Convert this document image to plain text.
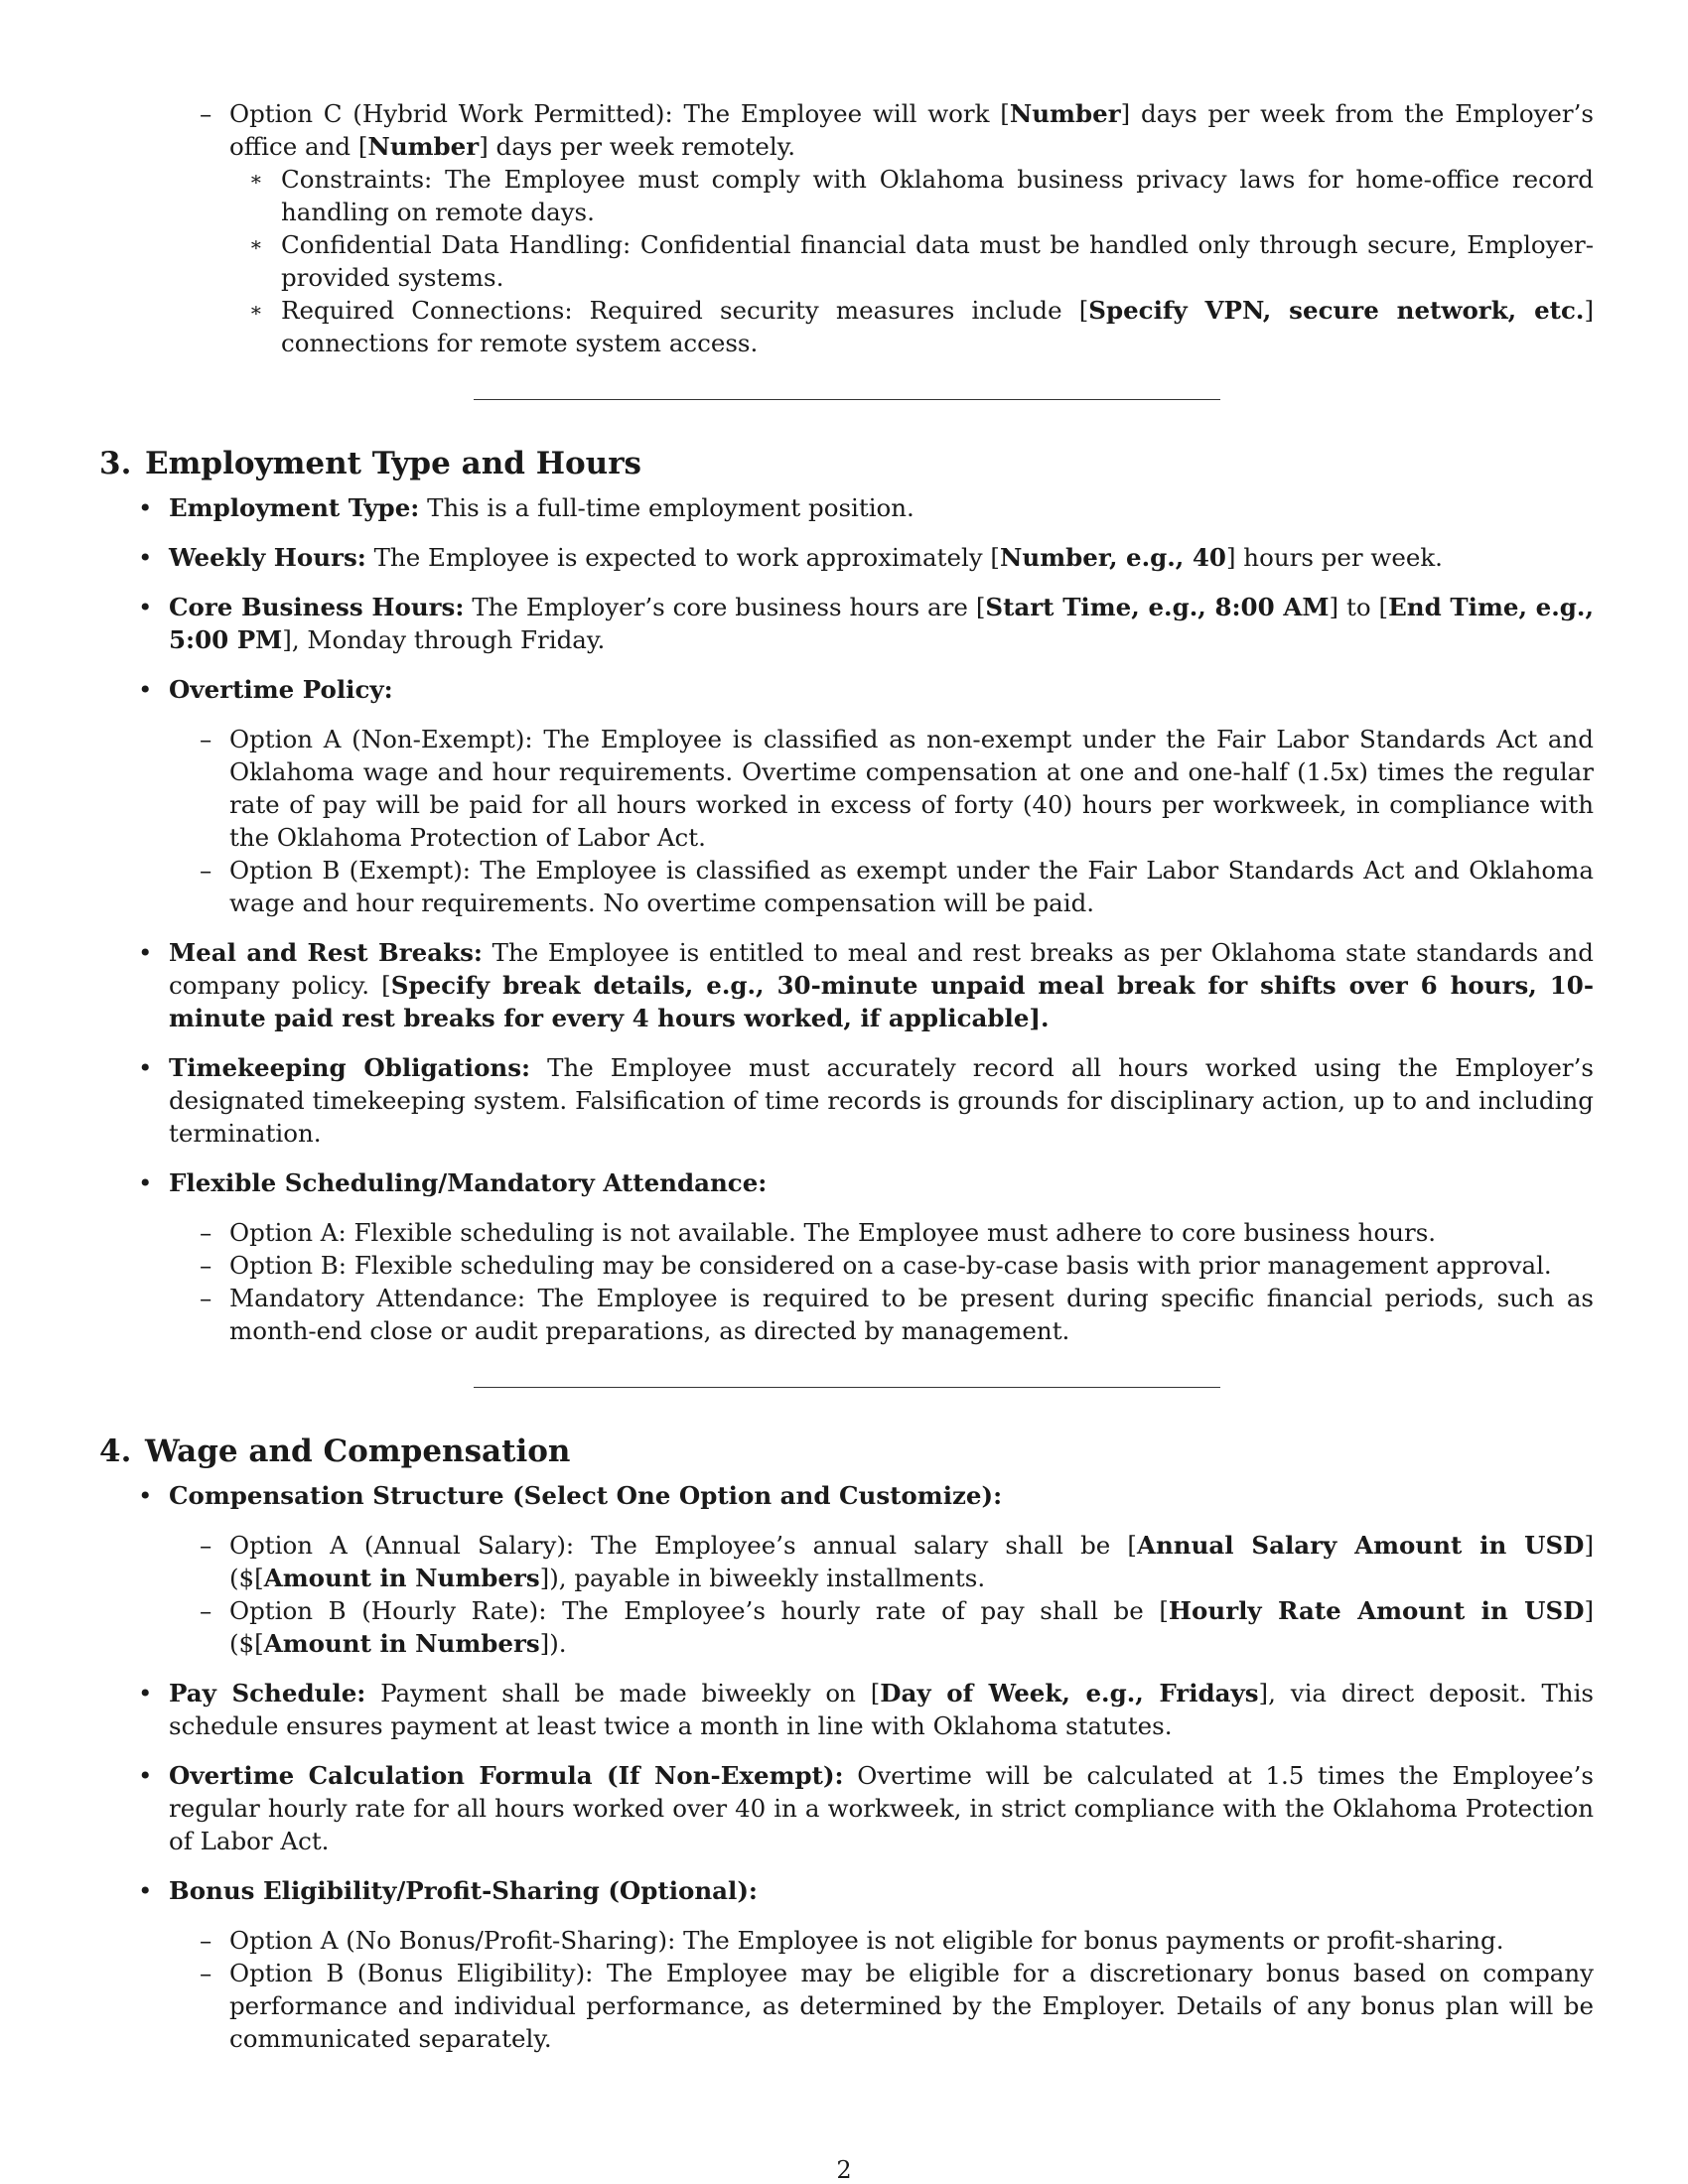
– Option C (Hybrid Work Permitted): The Employee will work [Number] days per week from the Employer’s office and [Number] days per week remotely.
∗ Constraints: The Employee must comply with Oklahoma business privacy laws for home-office record handling on remote days.
∗ Confidential Data Handling: Confidential financial data must be handled only through secure, Employer-provided systems.
∗ Required Connections: Required security measures include [Specify VPN, secure network, etc.] connections for remote system access.
3. Employment Type and Hours
• Employment Type: This is a full-time employment position.
• Weekly Hours: The Employee is expected to work approximately [Number, e.g., 40] hours per week.
• Core Business Hours: The Employer’s core business hours are [Start Time, e.g., 8:00 AM] to [End Time, e.g., 5:00 PM], Monday through Friday.
• Overtime Policy:
– Option A (Non-Exempt): The Employee is classified as non-exempt under the Fair Labor Standards Act and Oklahoma wage and hour requirements. Overtime compensation at one and one-half (1.5x) times the regular rate of pay will be paid for all hours worked in excess of forty (40) hours per workweek, in compliance with the Oklahoma Protection of Labor Act.
– Option B (Exempt): The Employee is classified as exempt under the Fair Labor Standards Act and Oklahoma wage and hour requirements. No overtime compensation will be paid.
• Meal and Rest Breaks: The Employee is entitled to meal and rest breaks as per Oklahoma state standards and company policy. [Specify break details, e.g., 30-minute unpaid meal break for shifts over 6 hours, 10-minute paid rest breaks for every 4 hours worked, if applicable].
• Timekeeping Obligations: The Employee must accurately record all hours worked using the Employer’s designated timekeeping system. Falsification of time records is grounds for disciplinary action, up to and including termination.
• Flexible Scheduling/Mandatory Attendance:
– Option A: Flexible scheduling is not available. The Employee must adhere to core business hours.
– Option B: Flexible scheduling may be considered on a case-by-case basis with prior management approval.
– Mandatory Attendance: The Employee is required to be present during specific financial periods, such as month-end close or audit preparations, as directed by management.
4. Wage and Compensation
• Compensation Structure (Select One Option and Customize):
– Option A (Annual Salary): The Employee’s annual salary shall be [Annual Salary Amount in USD] ($[Amount in Numbers]), payable in biweekly installments.
– Option B (Hourly Rate): The Employee’s hourly rate of pay shall be [Hourly Rate Amount in USD] ($[Amount in Numbers]).
• Pay Schedule: Payment shall be made biweekly on [Day of Week, e.g., Fridays], via direct deposit. This schedule ensures payment at least twice a month in line with Oklahoma statutes.
• Overtime Calculation Formula (If Non-Exempt): Overtime will be calculated at 1.5 times the Employee’s regular hourly rate for all hours worked over 40 in a workweek, in strict compliance with the Oklahoma Protection of Labor Act.
• Bonus Eligibility/Profit-Sharing (Optional):
– Option A (No Bonus/Profit-Sharing): The Employee is not eligible for bonus payments or profit-sharing.
– Option B (Bonus Eligibility): The Employee may be eligible for a discretionary bonus based on company performance and individual performance, as determined by the Employer. Details of any bonus plan will be communicated separately.
2
